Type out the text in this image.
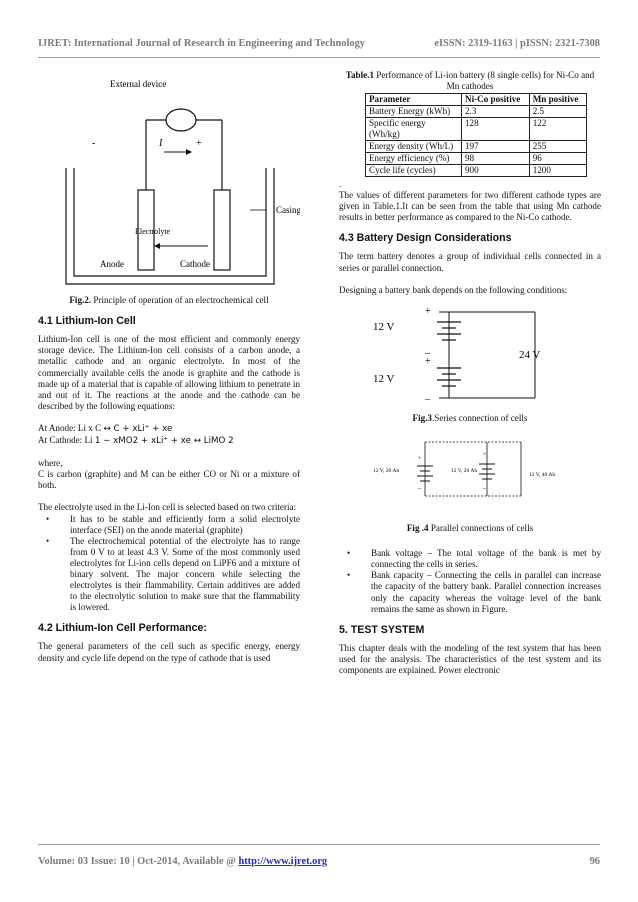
IJRET: International Journal of Research in Engineering and Technology	eISSN: 2319-1163 | pISSN: 2321-7308
External device
-	I	+
Casing
Electrolyte
Anode	Cathode

Fig.2. Principle of operation of an electrochemical cell

4.1 Lithium-Ion Cell

Lithium-Ion cell is one of the most efficient and commonly energy storage device. The Lithium-Ion cell consists of a carbon anode, a metallic cathode and an organic electrolyte. In most of the commercially available cells the anode is graphite and the cathode is made up of a material that is capable of allowing lithium to penetrate in and out of it. The reactions at the anode and the cathode can be described by the following equations:

At Anode: Li x C ↔ C + xLi⁺ + xe

At Cathode: Li 1 − xMO2 + xLi⁺ + xe ↔ LiMO 2

where,

C is carbon (graphite) and M can be either CO or Ni or a mixture of both.

The electrolyte used in the Li-Ion cell is selected based on two criteria:

• It has to be stable and efficiently form a solid electrolyte interface (SEI) on the anode material (graphite)
• The electrochemical potential of the electrolyte has to range from 0 V to at least 4.3 V. Some of the most commonly used electrolytes for Li-ion cells depend on LiPF6 and a mixture of binary solvent. The major concern while selecting the electrolytes is their flammability. Certain additives are added to the electrolytic solution to make sure that the flammability is lowered.
4.2 Lithium-Ion Cell Performance:

The general parameters of the cell such as specific energy, energy density and cycle life depend on the type of cathode that is used

Table.1 Performance of Li-ion battery (8 single cells) for Ni-Co and Mn cathodes

Parameter	Ni-Co positive	Mn positive
Battery Energy (kWh)	2.3	2.5
Specific energy (Wh/kg)	128	122
Energy density (Wh/L)	197	255
Energy efficiency (%)	98	96
Cycle life (cycles)	900	1200

.

The values of different parameters for two different cathode types are given in Table.1.It can be seen from the table that using Mn cathode results in better performance as compared to the Ni-Co cathode.

4.3 Battery Design Considerations

The term battery denotes a group of individual cells connected in a series or parallel connection.

Designing a battery bank depends on the following conditions:

+
12 V
_
+
12 V
_
24 V

Fig.3.Series connection of cells

+
_
12 V, 20 Ah
+
_
12 V, 20 Ah
12 V, 40 Ah

Fig .4 Parallel connections of cells

• Bank voltage – The total voltage of the bank is met by connecting the cells in series.
• Bank capacity – Connecting the cells in parallel can increase the capacity of the battery bank. Parallel connection increases only the capacity whereas the voltage level of the bank remains the same as shown in Figure.
5. TEST SYSTEM

This chapter deals with the modeling of the test system that has been used for the analysis. The characteristics of the test system and its components are explained. Power electronic

Volume: 03 Issue: 10 | Oct-2014, Available @ http://www.ijret.org	96
